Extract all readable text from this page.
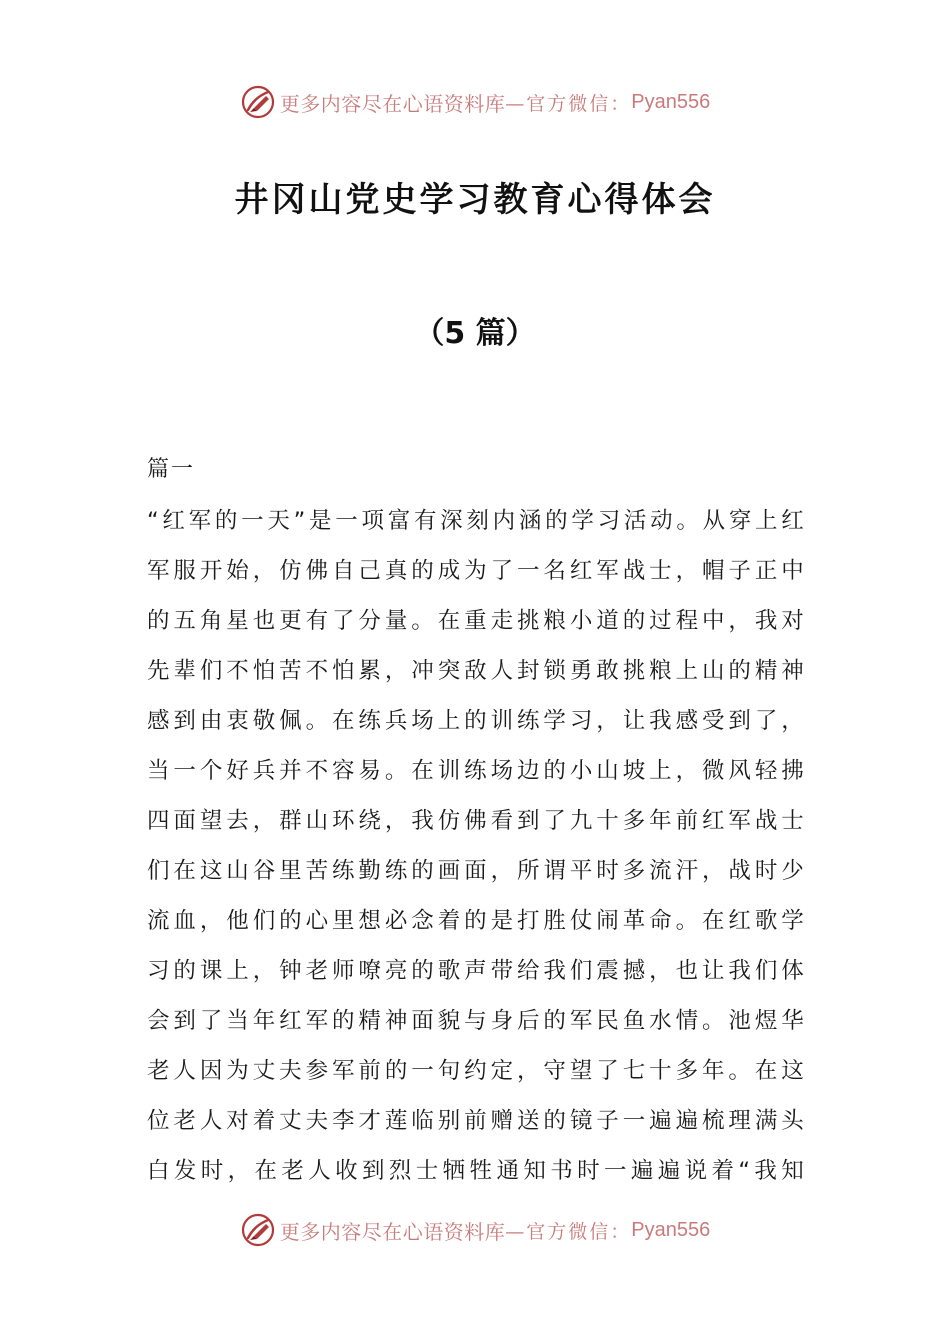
更多内容尽在心语资料库 —官方微信： Pyan556
井冈山党史学习教育心得体会
（5 篇）
篇一
“红军的一天”是一项富有深刻内涵的学习活动。从穿上红
军服开始，仿佛自己真的成为了一名红军战士，帽子正中
的五角星也更有了分量。在重走挑粮小道的过程中，我对
先辈们不怕苦不怕累，冲突敌人封锁勇敢挑粮上山的精神
感到由衷敬佩。在练兵场上的训练学习，让我感受到了，
当一个好兵并不容易。在训练场边的小山坡上，微风轻拂
四面望去，群山环绕，我仿佛看到了九十多年前红军战士
们在这山谷里苦练勤练的画面，所谓平时多流汗，战时少
流血，他们的心里想必念着的是打胜仗闹革命。在红歌学
习的课上，钟老师嘹亮的歌声带给我们震撼，也让我们体
会到了当年红军的精神面貌与身后的军民鱼水情。池煜华
老人因为丈夫参军前的一句约定，守望了七十多年。在这
位老人对着丈夫李才莲临别前赠送的镜子一遍遍梳理满头
白发时，在老人收到烈士牺牲通知书时一遍遍说着“我知
更多内容尽在心语资料库 —官方微信： Pyan556
